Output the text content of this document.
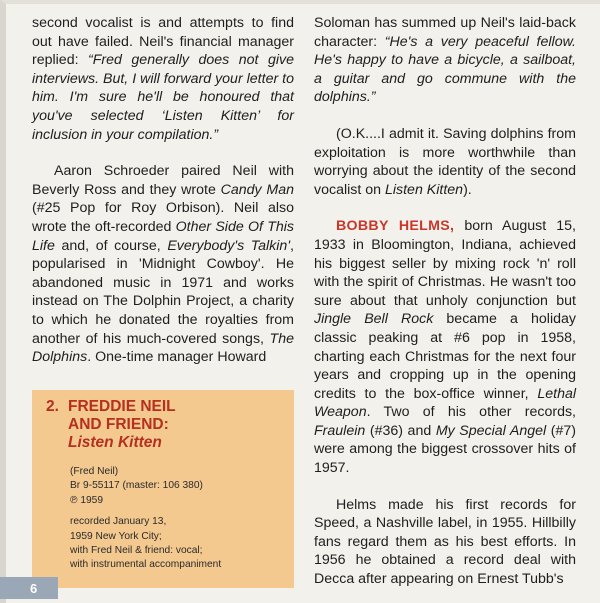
second vocalist is and attempts to find out have failed. Neil's financial manager replied: “Fred generally does not give interviews. But, I will forward your letter to him. I'm sure he'll be honoured that you've selected ‘Listen Kitten’ for inclusion in your compilation.”

Aaron Schroeder paired Neil with Beverly Ross and they wrote Candy Man (#25 Pop for Roy Orbison). Neil also wrote the oft-recorded Other Side Of This Life and, of course, Everybody's Talkin', popularised in 'Midnight Cowboy'. He abandoned music in 1971 and works instead on The Dolphin Project, a charity to which he donated the royalties from another of his much-covered songs, The Dolphins. One-time manager Howard

Soloman has summed up Neil's laid-back character: “He's a very peaceful fellow. He's happy to have a bicycle, a sailboat, a guitar and go commune with the dolphins.”

(O.K....I admit it. Saving dolphins from exploitation is more worthwhile than worrying about the identity of the second vocalist on Listen Kitten).

BOBBY HELMS, born August 15, 1933 in Bloomington, Indiana, achieved his biggest seller by mixing rock 'n' roll with the spirit of Christmas. He wasn't too sure about that unholy conjunction but Jingle Bell Rock became a holiday classic peaking at #6 pop in 1958, charting each Christmas for the next four years and cropping up in the opening credits to the box-office winner, Lethal Weapon. Two of his other records, Fraulein (#36) and My Special Angel (#7) were among the biggest crossover hits of 1957.

Helms made his first records for Speed, a Nashville label, in 1955. Hillbilly fans regard them as his best efforts. In 1956 he obtained a record deal with Decca after appearing on Ernest Tubb's

2. FREDDIE NEIL
AND FRIEND:
Listen Kitten
(Fred Neil)
Br 9-55117 (master: 106 380)
℗ 1959
recorded January 13,
1959 New York City;
with Fred Neil & friend: vocal;
with instrumental accompaniment
6
